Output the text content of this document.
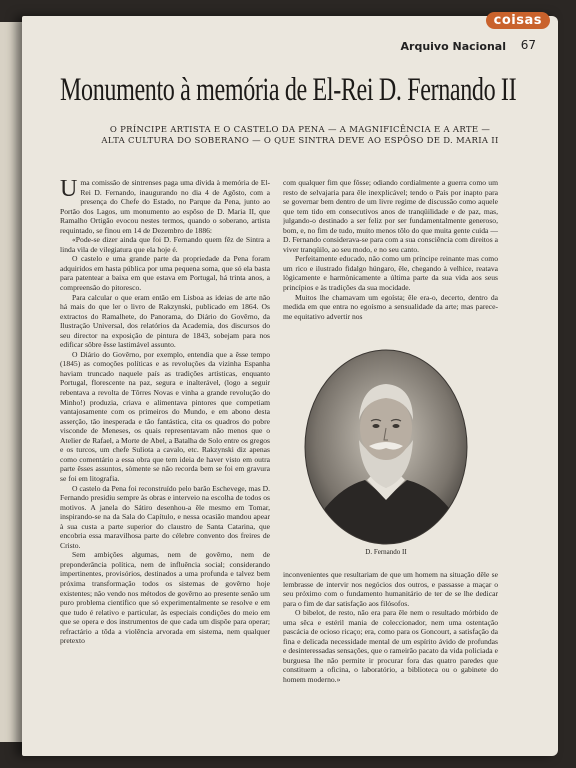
coisas
Arquivo Nacional 67
Monumento à memória de El-Rei D. Fernando II
O PRÍNCIPE ARTISTA E O CASTELO DA PENA — A MAGNIFICÊNCIA E A ARTE — ALTA CULTURA DO SOBERANO — O QUE SINTRA DEVE AO ESPÔSO DE D. MARIA II

Uma comissão de sintrenses paga uma dívida à memória de El-Rei D. Fernando, inaugurando no dia 4 de Agôsto, com a presença do Chefe do Estado, no Parque da Pena, junto ao Portão dos Lagos, um monumento ao espôso de D. Maria II, que Ramalho Ortigão evocou nestes termos, quando o soberano, artista requintado, se finou em 14 de Dezembro de 1886:

«Pode-se dizer ainda que foi D. Fernando quem fêz de Sintra a linda vila de vilegiatura que ela hoje é.

O castelo e uma grande parte da propriedade da Pena foram adquiridos em hasta pública por uma pequena soma, que só ela basta para patentear a baixa em que estava em Portugal, há trinta anos, a compreensão do pitoresco.

Para calcular o que eram então em Lisboa as ideias de arte não há mais do que ler o livro de Rakzynski, publicado em 1864. Os extractos do Ramalhete, do Panorama, do Diário do Govêrno, da Ilustração Universal, dos relatórios da Academia, dos discursos do seu director na exposição de pintura de 1843, sobejam para nos edificar sôbre êsse lastimável assunto.

O Diário do Govêrno, por exemplo, entendia que a êsse tempo (1845) as comoções políticas e as revoluções da vizinha Espanha haviam truncado naquele país as tradições artísticas, enquanto Portugal, florescente na paz, segura e inalterável, (logo a seguir rebentava a revolta de Tôrres Novas e vinha a grande revolução do Minho!) produzia, criava e alimentava pintores que competiam vantajosamente com os primeiros do Mundo, e em abono desta asserção, tão inesperada e tão fantástica, cita os quadros do pobre visconde de Meneses, os quais representavam não menos que o Atelier de Rafael, a Morte de Abel, a Batalha de Solo entre os gregos e os turcos, um chefe Suliota a cavalo, etc. Rakzynski diz apenas como comentário a essa obra que tem ideia de haver visto em outra parte êsses assuntos, sòmente se não recorda bem se foi em gravura se foi em litografia.

O castelo da Pena foi reconstruído pelo barão Eschevege, mas D. Fernando presidiu sempre às obras e interveio na escolha de todos os motivos. A janela do Sátiro desenhou-a êle mesmo em Tomar, inspirando-se na da Sala do Capítulo, e nessa ocasião mandou apear à sua custa a parte superior do claustro de Santa Catarina, que encobria essa maravilhosa parte do célebre convento dos freires de Cristo.

Sem ambições algumas, nem de govêrno, nem de preponderância política, nem de influência social; considerando impertinentes, provisórios, destinados a uma profunda e talvez bem próxima transformação todos os sistemas de govêrno hoje existentes; não vendo nos métodos de govêrno ao presente senão um puro problema científico que só experimentalmente se resolve e em que tudo é relativo e particular, às especiais condições do meio em que se opera e dos instrumentos de que cada um dispõe para operar; refractário a tôda a violência arvorada em sistema, nem qualquer pretexto

com qualquer fim que fôsse; odiando cordialmente a guerra como um resto de selvajaria para êle inexplicável; tendo o País por inapto para se governar bem dentro de um livre regime de discussão como aquele que tem tido em consecutivos anos de tranqüilidade e de paz, mas, julgando-o destinado a ser feliz por ser fundamentalmente generoso, bom, e, no fim de tudo, muito menos tôlo do que muita gente cuida — D. Fernando considerava-se para com a sua consciência com direitos a viver tranqüilo, ao seu modo, e no seu canto.

Perfeitamente educado, não como um príncipe reinante mas como um rico e ilustrado fidalgo húngaro, êle, chegando à velhice, reatava lògicamente e harmònicamente a última parte da sua vida aos seus princípios e às tradições da sua mocidade.

Muitos lhe chamavam um egoísta; êle era-o, decerto, dentro da medida em que entra no egoísmo a sensualidade da arte; mas parece-me equitativo advertir nos

D. Fernando II

inconvenientes que resultariam de que um homem na situação dêle se lembrasse de intervir nos negócios dos outros, e passasse a maçar o seu próximo com o fundamento humanitário de ter de se lhe dedicar para o fim de dar satisfação aos filósofos.

O bibelot, de resto, não era para êle nem o resultado mórbido de uma sêca e estéril mania de coleccionador, nem uma ostentação pascácia de ocioso ricaço; era, como para os Goncourt, a satisfação da fina e delicada necessidade mental de um espírito ávido de profundas e desinteressadas sensações, que o rameirão pacato da vida policiada e burguesa lhe não permite ir procurar fora das quatro paredes que constituem a oficina, o laboratório, a biblioteca ou o gabinete do homem moderno.»
